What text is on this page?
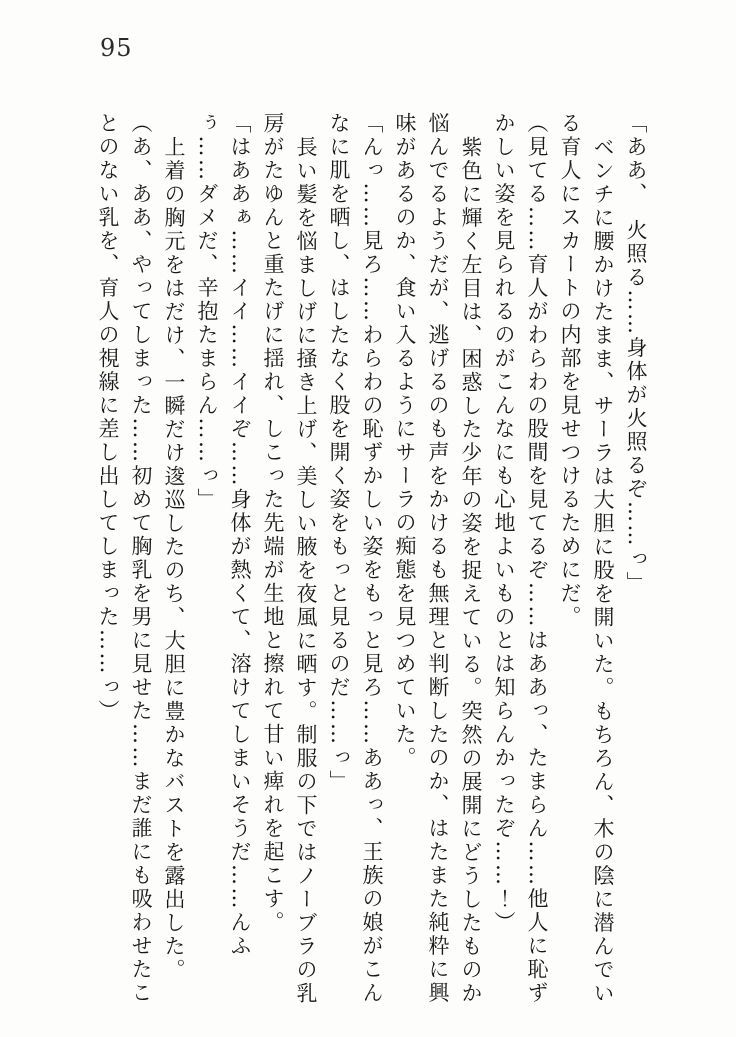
95

「ああ、　火照る……身体が火照るぞ……っ」

ベンチに腰かけたまま、サーラは大胆に股を開いた。もちろん、木の陰に潜んでいる育人にスカートの内部を見せつけるためにだ。

（見てる……育人がわらわの股間を見てるぞ……はああっ、たまらん……他人に恥ずかしい姿を見られるのがこんなにも心地よいものとは知らんかったぞ……！）

紫色に輝く左目は、困惑した少年の姿を捉えている。突然の展開にどうしたものか悩んでるようだが、逃げるのも声をかけるも無理と判断したのか、はたまた純粋に興味があるのか、食い入るようにサーラの痴態を見つめていた。

「んっ……見ろ……わらわの恥ずかしい姿をもっと見ろ……ああっ、王族の娘がこんなに肌を晒し、はしたなく股を開く姿をもっと見るのだ……っ」

長い髪を悩ましげに掻き上げ、美しい腋を夜風に晒す。制服の下ではノーブラの乳房がたゆんと重たげに揺れ、しこった先端が生地と擦れて甘い痺れを起こす。

「はああぁ……イイ……イイぞ……身体が熱くて、溶けてしまいそうだ……んふぅ……ダメだ、辛抱たまらん……っ」

上着の胸元をはだけ、一瞬だけ逡巡したのち、大胆に豊かなバストを露出した。

（あ、ああ、やってしまった……初めて胸乳を男に見せた……まだ誰にも吸わせたことのない乳を、育人の視線に差し出してしまった……っ）
